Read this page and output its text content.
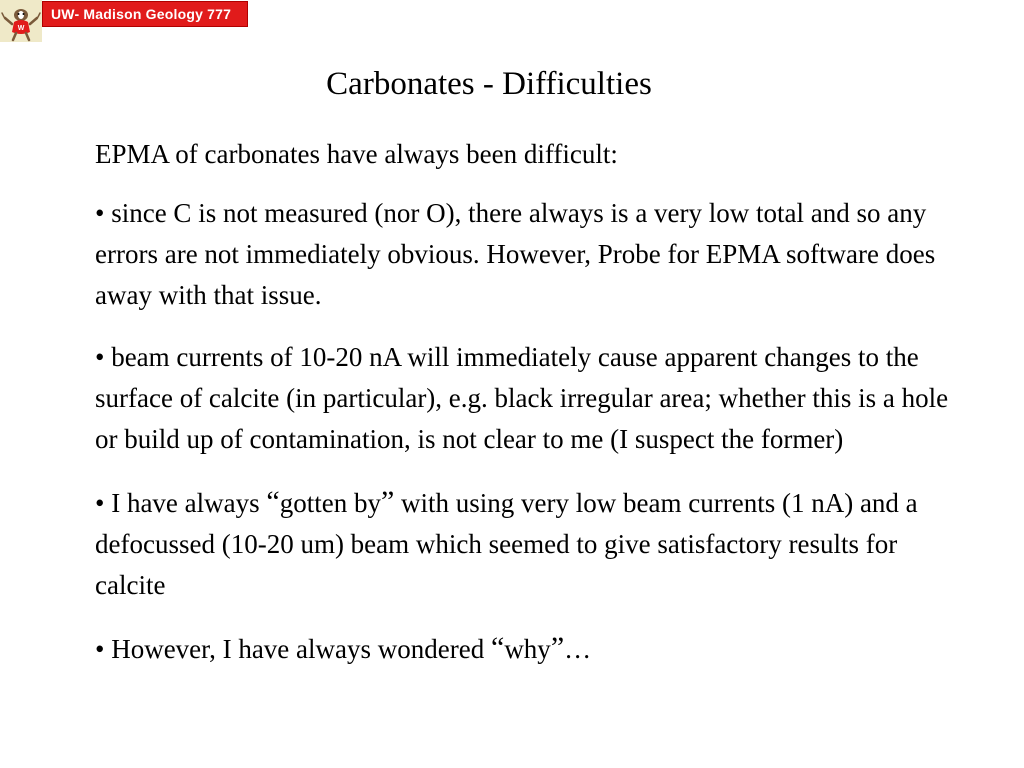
W
UW- Madison Geology 777
Carbonates - Difficulties
EPMA of carbonates have always been difficult:
• since C is not measured (nor O), there always is a very low total and so any errors are not immediately obvious. However, Probe for EPMA software does away with that issue.
• beam currents of 10-20 nA will immediately cause apparent changes to the surface of calcite (in particular), e.g. black irregular area; whether this is a hole or build up of contamination, is not clear to me (I suspect the former)
• I have always “gotten by” with using very low beam currents (1 nA) and a defocussed (10-20 um) beam which seemed to give satisfactory results for calcite
• However, I have always wondered “why”…
